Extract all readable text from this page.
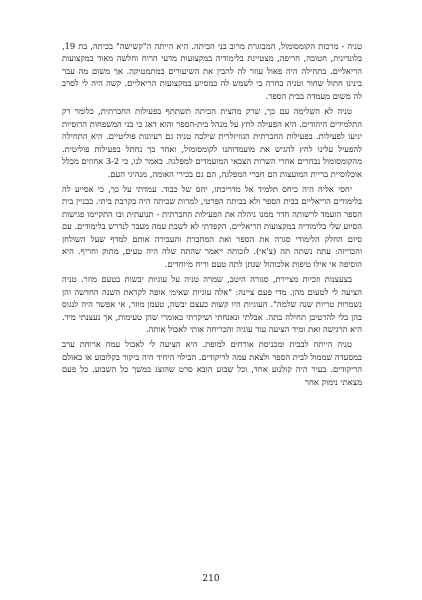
טניה - מרכזת הקומסומול, המבוגרת מרוב בני הכיתה. היא הייתה ה"קשישה" בכיתה, בת 19, בלונדינית, חטובה, חריפה, מצטיינת בלימודיה במקצועות מדעי הרוח וחלשה מאוד במקצועות הריאליים. בתחילה היה פאול עוזר לה להבין את השיעורים במתמטיקה. אך משום מה עבר בינינו חתול שחור וטניה בחרה בי לשמש לה כמסייע במקצועות הריאליים. קשה היה לי לסרב לה משום מעמדה בבית הספר.

טניה לא השלימה עם כך, שרק מהצית הכיתה תשתתף בפעילות החברתית, כלומר רק התלמידים היהודים. היא הפעילה לחץ על מנהל בית-הספר והוא דאג כי בני המשפחות הרוסיות יגיעו לפעילות. בפעילות החברתית הגוויזלרית שילבה טניה גם רעיונות פוליטיים. היא התחילה להפעיל עלינו לחץ להגיש את מועמדותנו לקומסומול, ואחר כך נחתל בפעילות פוליטית. מהקומסומול נבחרים אחרי השרות הצבאי המועמדים למפלגה. באמר לנו, כי 3-2 אחוזים מכלל אוכלוסיית בריית המועצות הם חברי המפלגה, הם גם בכירי האומה, מנהיגי העם.

יחסי אליה היה כיחס תלמיד אל מדריכתו, יחס של כבוד. עמדתי על כך, כי אסייע לה בלימודים הריאליים בבית הספר ולא בביתה הפרטי, למרות שביתה היה בקרבת ביתי. בבניין בית הספר הועמד לרשותה חדר ממנו ניהלה את הפעילות החברתית - תנועתית ובו התקיימו פגישות הסיוע שלי בלימודיה במקצועות הריאליים. הקפדתי לא לשבת עמה מעבר לנדרש בלימודים. עם סיום החלק הלימודי סגרה את הספר ואת המחברת והעבירה אותם למדף שעל השולחן והכריזה: עתה נשתה תה (צ'אי). לזכותה ייאמר שהתה שלה היה טעים, מתוק וחריף. היא הוסיפה אי אילו טיפות אלכוהול שנתן לתה טעם וריח מיוחדים.

בצעצנות וזכיות מציירת, סגורה היטב, שמרה טניה על עוגיות יבשות בטעם מוזר. טניה הציעה לי לטעום מהן. מדי פעם ציינה: "אלה עוגיות שאימי אופה לקראת השנה החדשה והן נשמרות טריות שנה שלמה". העוגיות היו קשות כעצם יבשה, טעמן מוזר, אי אפשר היה לנגוס בהן בלי להרטיבן תחילה בתה. אבלתי ונאנחתי ושיקרתי באומרי שהן טעימות, אך נעצנתי מיד. היא הרגישה זאת ומיד הציעה עוד עוגיה והכריחה אותי לאכול אותה.

טניה הייתה לבבית ומכניסת אורחים למופת. היא הציעה לי לאכול עמה ארוחת ערב במסעדה שממול לבית הספר ולצאת עמה לריקודים. הבילוי היחיד היה ביקור בקלובוע או באולם הריקודים. בעיר היה קולנוע אחד, וכל שבוע הובא סרט שהוצג במשך כל השבוע. כל פעם מצאתי נימוק אחר

210
